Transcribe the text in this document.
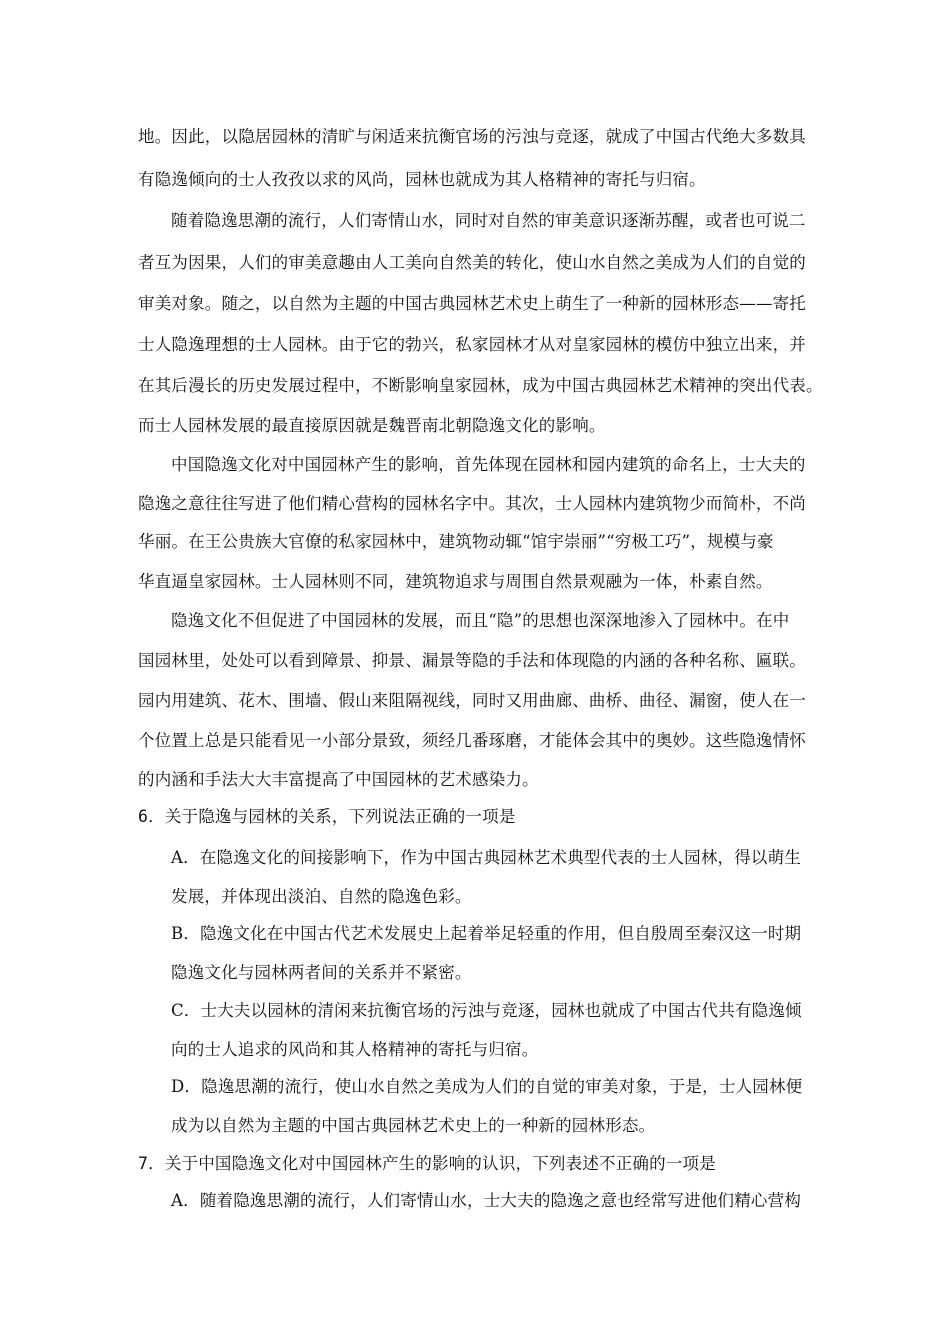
地。因此，以隐居园林的清旷与闲适来抗衡官场的污浊与竞逐，就成了中国古代绝大多数具
有隐逸倾向的士人孜孜以求的风尚，园林也就成为其人格精神的寄托与归宿。
随着隐逸思潮的流行，人们寄情山水，同时对自然的审美意识逐渐苏醒，或者也可说二
者互为因果，人们的审美意趣由人工美向自然美的转化，使山水自然之美成为人们的自觉的
审美对象。随之，以自然为主题的中国古典园林艺术史上萌生了一种新的园林形态——寄托
士人隐逸理想的士人园林。由于它的勃兴，私家园林才从对皇家园林的模仿中独立出来，并
在其后漫长的历史发展过程中，不断影响皇家园林，成为中国古典园林艺术精神的突出代表。
而士人园林发展的最直接原因就是魏晋南北朝隐逸文化的影响。
中国隐逸文化对中国园林产生的影响，首先体现在园林和园内建筑的命名上，士大夫的
隐逸之意往往写进了他们精心营构的园林名字中。其次，士人园林内建筑物少而简朴，不尚
华丽。在王公贵族大官僚的私家园林中，建筑物动辄“馆宇崇丽”“穷极工巧”，规模与豪
华直逼皇家园林。士人园林则不同，建筑物追求与周围自然景观融为一体，朴素自然。
隐逸文化不但促进了中国园林的发展，而且“隐”的思想也深深地渗入了园林中。在中
国园林里，处处可以看到障景、抑景、漏景等隐的手法和体现隐的内涵的各种名称、匾联。
园内用建筑、花木、围墙、假山来阻隔视线，同时又用曲廊、曲桥、曲径、漏窗，使人在一
个位置上总是只能看见一小部分景致，须经几番琢磨，才能体会其中的奥妙。这些隐逸情怀
的内涵和手法大大丰富提高了中国园林的艺术感染力。
6．关于隐逸与园林的关系，下列说法正确的一项是
A．在隐逸文化的间接影响下，作为中国古典园林艺术典型代表的士人园林，得以萌生
发展，并体现出淡泊、自然的隐逸色彩。
B．隐逸文化在中国古代艺术发展史上起着举足轻重的作用，但自殷周至秦汉这一时期
隐逸文化与园林两者间的关系并不紧密。
C．士大夫以园林的清闲来抗衡官场的污浊与竞逐，园林也就成了中国古代共有隐逸倾
向的士人追求的风尚和其人格精神的寄托与归宿。
D．隐逸思潮的流行，使山水自然之美成为人们的自觉的审美对象，于是，士人园林便
成为以自然为主题的中国古典园林艺术史上的一种新的园林形态。
7．关于中国隐逸文化对中国园林产生的影响的认识，下列表述不正确的一项是
A．随着隐逸思潮的流行，人们寄情山水，士大夫的隐逸之意也经常写进他们精心营构
